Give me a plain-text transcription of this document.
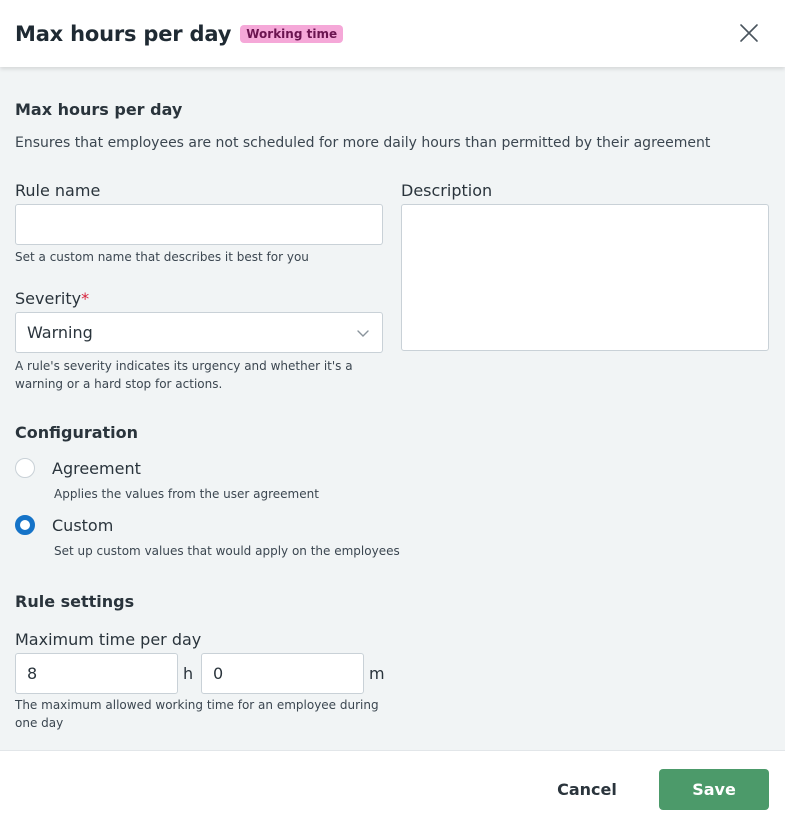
Max hours per day	Working time
Max hours per day
Ensures that employees are not scheduled for more daily hours than permitted by their agreement
Rule name
Set a custom name that describes it best for you
Description
Severity*
Warning
A rule's severity indicates its urgency and whether it's a warning or a hard stop for actions.
Configuration
Agreement
Applies the values from the user agreement
Custom
Set up custom values that would apply on the employees
Rule settings
Maximum time per day
8
h
0	m
The maximum allowed working time for an employee during one day
Cancel	Save
